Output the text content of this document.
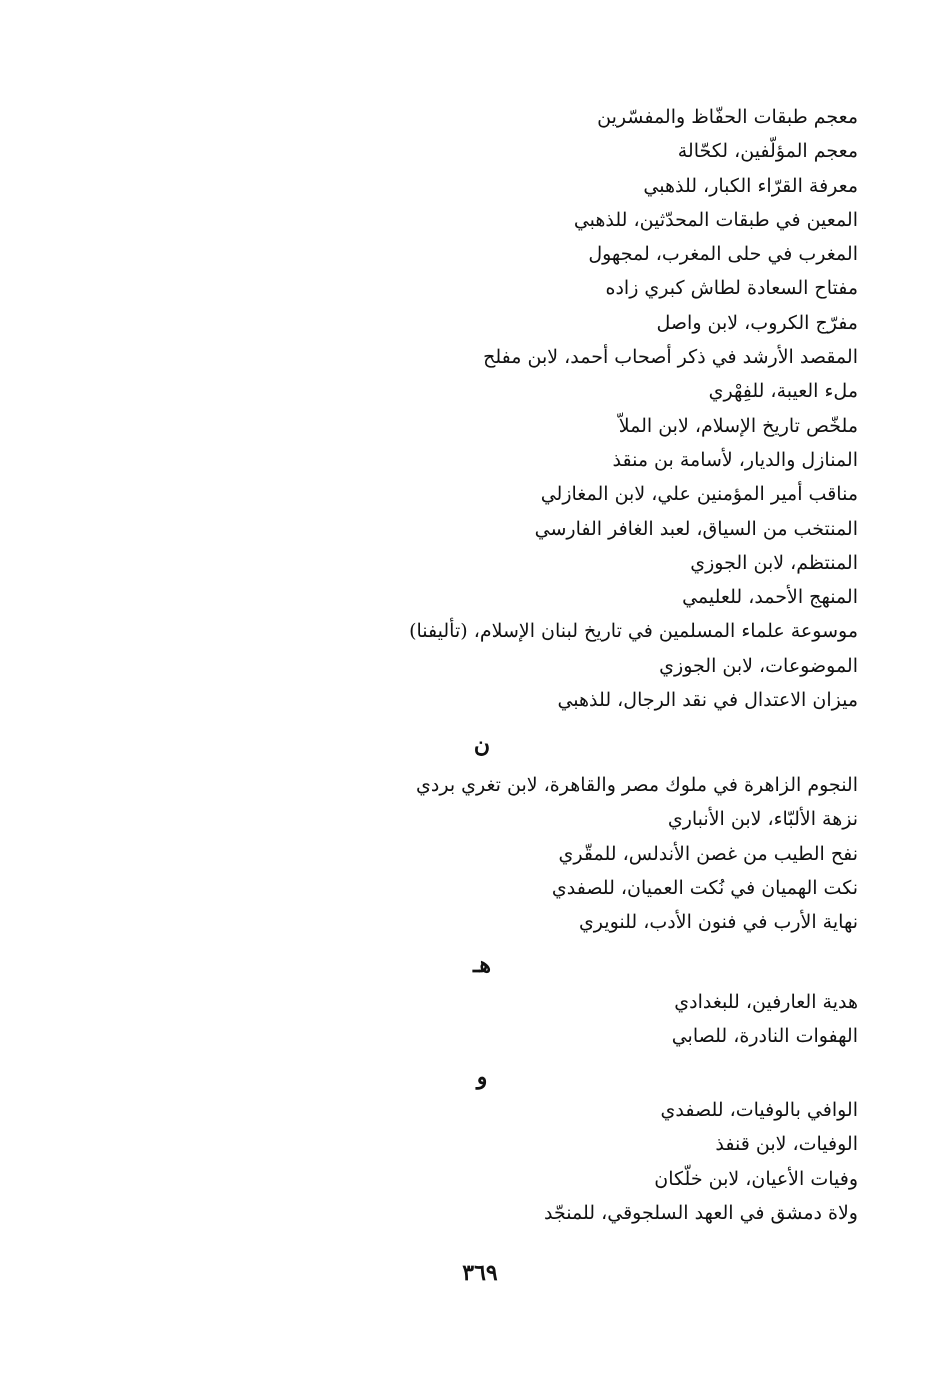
معجم طبقات الحفّاظ والمفسّرين
معجم المؤلّفين، لكحّالة
معرفة القرّاء الكبار، للذهبي
المعين في طبقات المحدّثين، للذهبي
المغرب في حلى المغرب، لمجهول
مفتاح السعادة لطاش كبري زاده
مفرّج الكروب، لابن واصل
المقصد الأرشد في ذكر أصحاب أحمد، لابن مفلح
ملء العيبة، للفِهْري
ملخّص تاريخ الإسلام، لابن الملاّ
المنازل والديار، لأسامة بن منقذ
مناقب أمير المؤمنين علي، لابن المغازلي
المنتخب من السياق، لعبد الغافر الفارسي
المنتظم، لابن الجوزي
المنهج الأحمد، للعليمي
موسوعة علماء المسلمين في تاريخ لبنان الإسلام، (تأليفنا)
الموضوعات، لابن الجوزي
ميزان الاعتدال في نقد الرجال، للذهبي
ن
النجوم الزاهرة في ملوك مصر والقاهرة، لابن تغري بردي
نزهة الألبّاء، لابن الأنباري
نفح الطيب من غصن الأندلس، للمقّري
نكت الهميان في نُكت العميان، للصفدي
نهاية الأرب في فنون الأدب، للنويري
هـ
هدية العارفين، للبغدادي
الهفوات النادرة، للصابي
و
الوافي بالوفيات، للصفدي
الوفيات، لابن قنفذ
وفيات الأعيان، لابن خلّكان
ولاة دمشق في العهد السلجوقي، للمنجّد
٣٦٩
